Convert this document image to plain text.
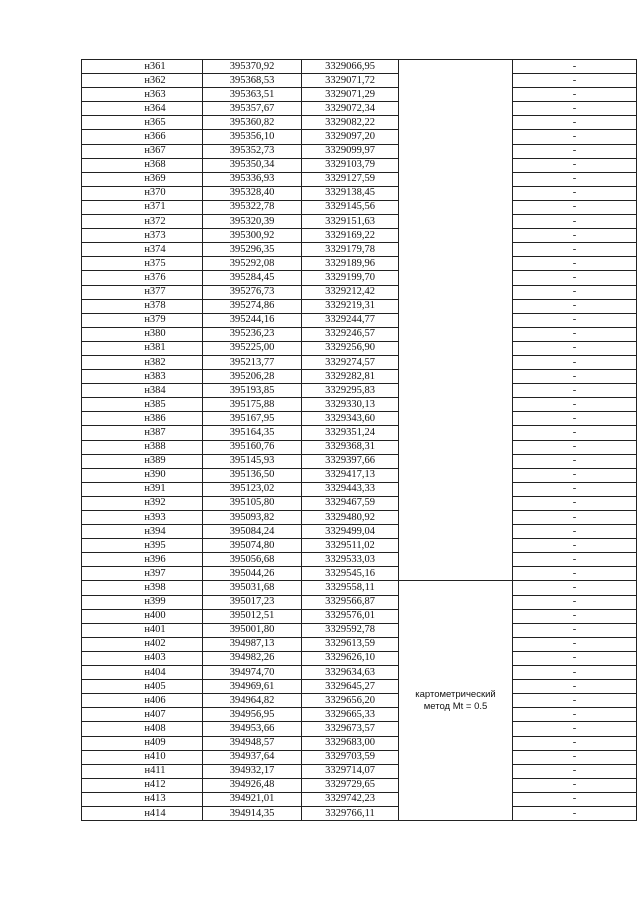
н361	395370,92	3329066,95		-
н362	395368,53	3329071,72		-
н363	395363,51	3329071,29		-
н364	395357,67	3329072,34		-
н365	395360,82	3329082,22		-
н366	395356,10	3329097,20		-
н367	395352,73	3329099,97		-
н368	395350,34	3329103,79		-
н369	395336,93	3329127,59		-
н370	395328,40	3329138,45		-
н371	395322,78	3329145,56		-
н372	395320,39	3329151,63		-
н373	395300,92	3329169,22		-
н374	395296,35	3329179,78		-
н375	395292,08	3329189,96		-
н376	395284,45	3329199,70		-
н377	395276,73	3329212,42		-
н378	395274,86	3329219,31		-
н379	395244,16	3329244,77		-
н380	395236,23	3329246,57		-
н381	395225,00	3329256,90		-
н382	395213,77	3329274,57		-
н383	395206,28	3329282,81		-
н384	395193,85	3329295,83		-
н385	395175,88	3329330,13		-
н386	395167,95	3329343,60		-
н387	395164,35	3329351,24		-
н388	395160,76	3329368,31		-
н389	395145,93	3329397,66		-
н390	395136,50	3329417,13		-
н391	395123,02	3329443,33		-
н392	395105,80	3329467,59		-
н393	395093,82	3329480,92		-
н394	395084,24	3329499,04		-
н395	395074,80	3329511,02		-
н396	395056,68	3329533,03		-
н397	395044,26	3329545,16		-
н398	395031,68	3329558,11	картометрический
метод Mt = 0.5	-
н399	395017,23	3329566,87		-
н400	395012,51	3329576,01		-
н401	395001,80	3329592,78		-
н402	394987,13	3329613,59		-
н403	394982,26	3329626,10		-
н404	394974,70	3329634,63		-
н405	394969,61	3329645,27		-
н406	394964,82	3329656,20		-
н407	394956,95	3329665,33		-
н408	394953,66	3329673,57		-
н409	394948,57	3329683,00		-
н410	394937,64	3329703,59		-
н411	394932,17	3329714,07		-
н412	394926,48	3329729,65		-
н413	394921,01	3329742,23		-
н414	394914,35	3329766,11		-
